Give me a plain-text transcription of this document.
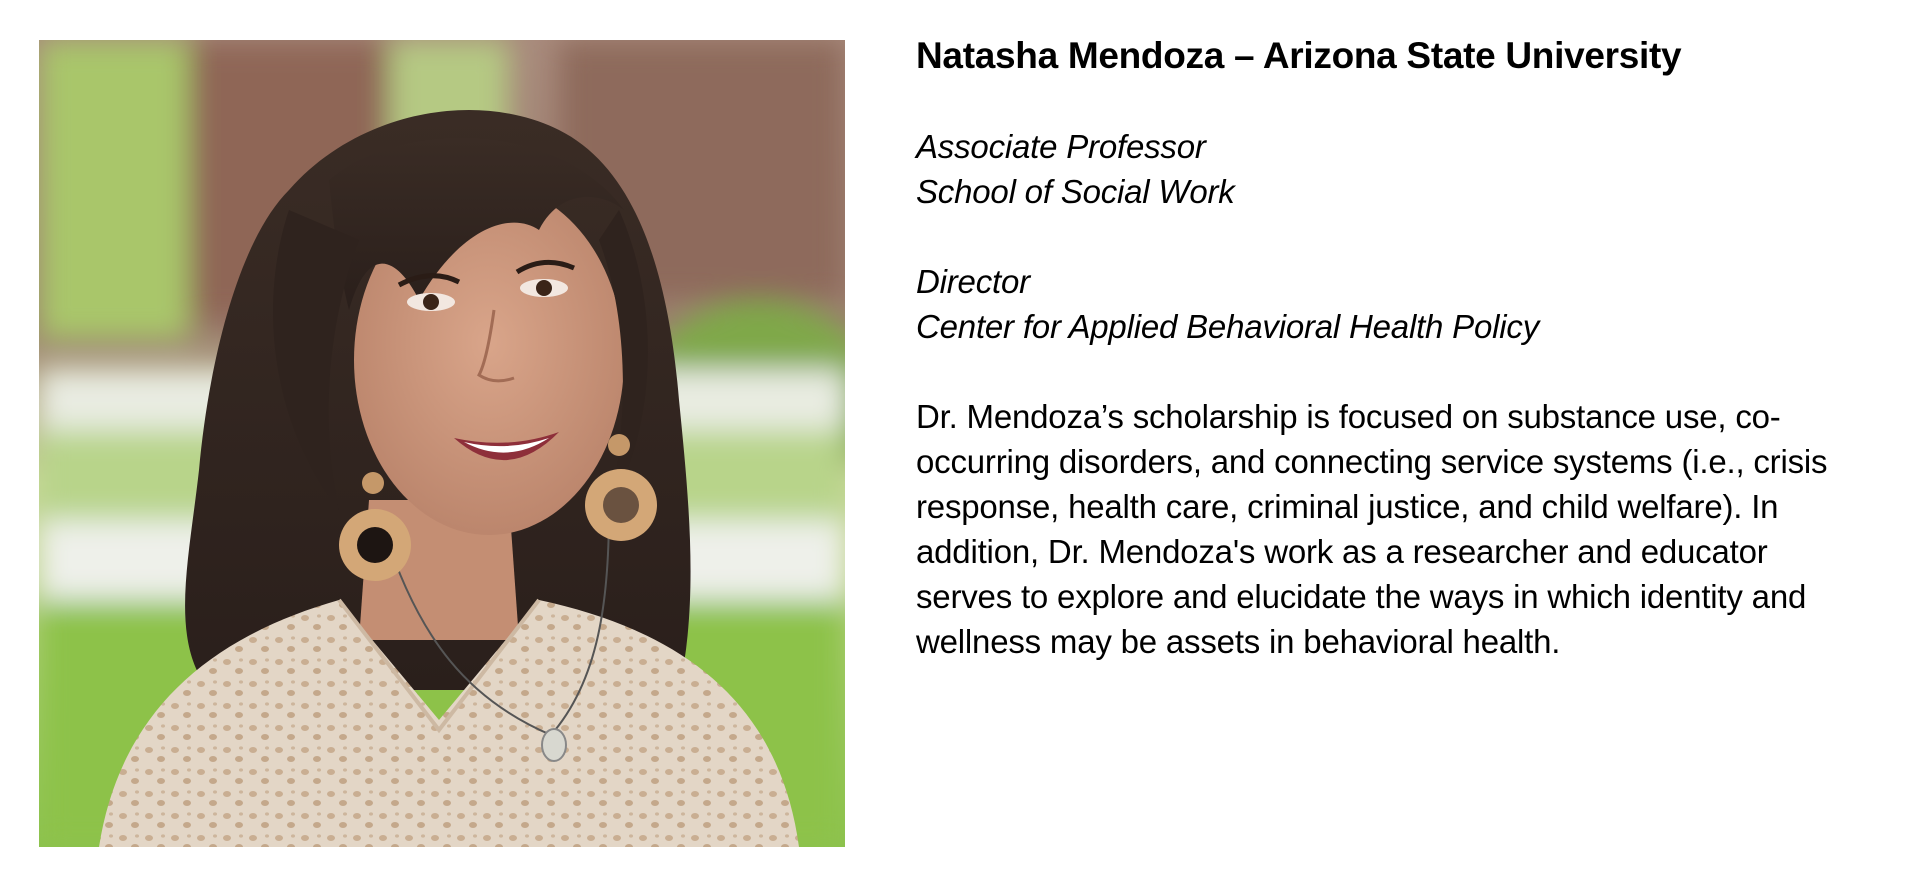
Natasha Mendoza – Arizona State University

Associate Professor

School of Social Work

Director

Center for Applied Behavioral Health Policy

Dr. Mendoza’s scholarship is focused on substance use, co-
occurring disorders, and connecting service systems (i.e., crisis
response, health care, criminal justice, and child welfare). In
addition, Dr. Mendoza's work as a researcher and educator
serves to explore and elucidate the ways in which identity and
wellness may be assets in behavioral health.
